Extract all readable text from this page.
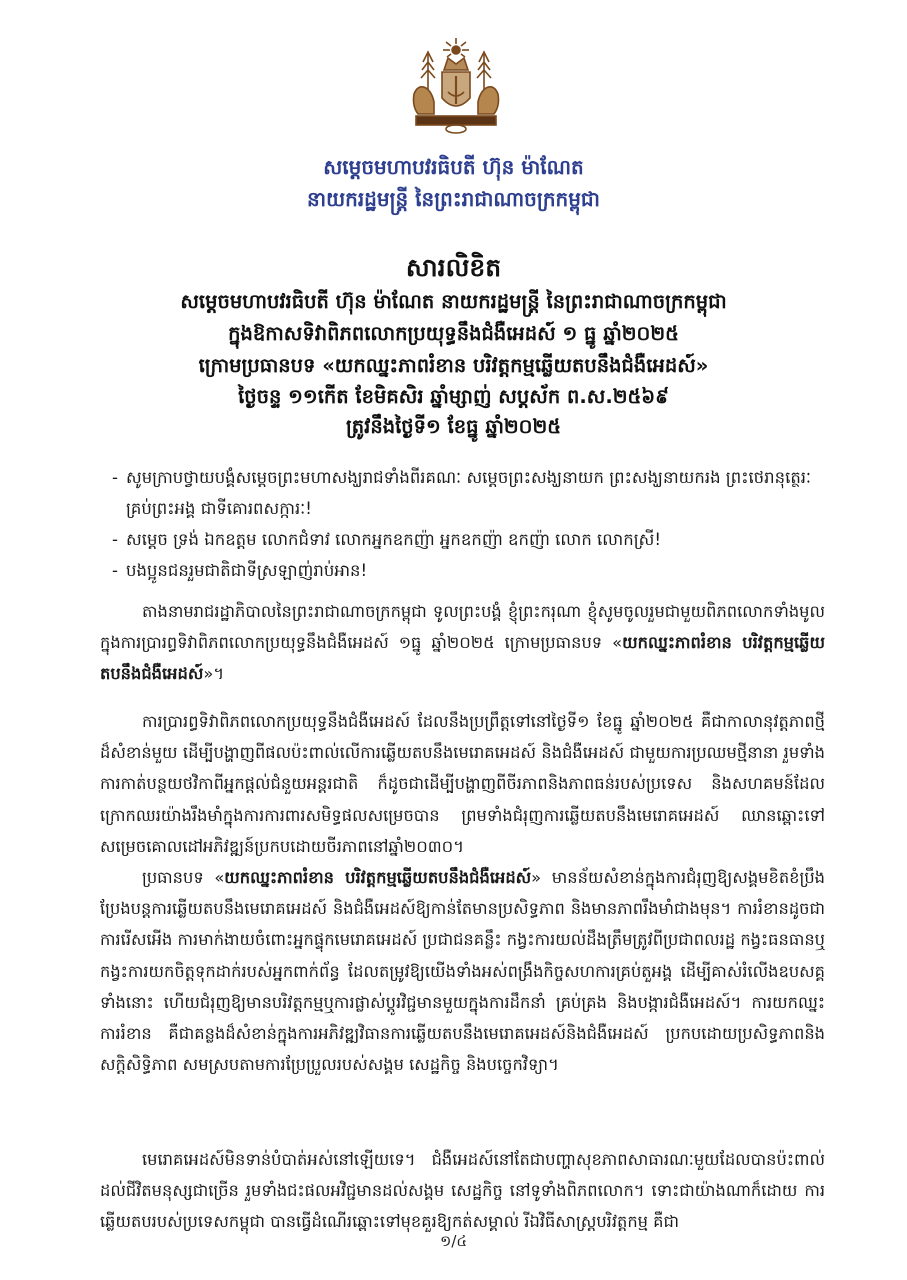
សម្តេចមហាបវរធិបតី ហ៊ុន ម៉ាណែត
នាយករដ្ឋមន្ត្រី នៃព្រះរាជាណាចក្រកម្ពុជា
សារលិខិត
សម្តេចមហាបវរធិបតី ហ៊ុន ម៉ាណែត នាយករដ្ឋមន្ត្រី នៃព្រះរាជាណាចក្រកម្ពុជា
ក្នុងឱកាសទិវាពិភពលោកប្រយុទ្ធនឹងជំងឺអេដស៍ ១ ធ្នូ ឆ្នាំ២០២៥
ក្រោមប្រធានបទ «យកឈ្នះភាពរំខាន បរិវត្តកម្មឆ្លើយតបនឹងជំងឺអេដស៍»
ថ្ងៃចន្ទ ១១កើត ខែមិគសិរ ឆ្នាំម្សាញ់ សប្តស័ក ព.ស.២៥៦៩
ត្រូវនឹងថ្ងៃទី១ ខែធ្នូ ឆ្នាំ២០២៥
- សូមក្រាបថ្វាយបង្គំសម្តេចព្រះមហាសង្ឃរាជទាំងពីរគណៈ សម្តេចព្រះសង្ឃនាយក ព្រះសង្ឃនាយករង ព្រះថេរានុត្ថេរៈគ្រប់ព្រះអង្គ ជាទីគោរពសក្ការៈ!
- សម្តេច ទ្រង់ ឯកឧត្តម លោកជំទាវ លោកអ្នកឧកញ៉ា អ្នកឧកញ៉ា ឧកញ៉ា លោក លោកស្រី!
- បងប្អូនជនរួមជាតិជាទីស្រឡាញ់រាប់អាន!
តាងនាមរាជរដ្ឋាភិបាលនៃព្រះរាជាណាចក្រកម្ពុជា ទូលព្រះបង្គំ ខ្ញុំព្រះករុណា ខ្ញុំសូមចូលរួមជាមួយពិភពលោកទាំងមូល ក្នុងការប្រារព្ធទិវាពិភពលោកប្រយុទ្ធនឹងជំងឺអេដស៍ ១ធ្នូ ឆ្នាំ២០២៥ ក្រោមប្រធានបទ «យកឈ្នះភាពរំខាន បរិវត្តកម្មឆ្លើយតបនឹងជំងឺអេដស៍»។
ការប្រារព្ធទិវាពិភពលោកប្រយុទ្ធនឹងជំងឺអេដស៍ ដែលនឹងប្រព្រឹត្តទៅនៅថ្ងៃទី១ ខែធ្នូ ឆ្នាំ២០២៥ គឺជាកាលានុវត្តភាពថ្មីដ៏សំខាន់មួយ ដើម្បីបង្ហាញពីផលប៉ះពាល់លើការឆ្លើយតបនឹងមេរោគអេដស៍ និងជំងឺអេដស៍ ជាមួយការប្រឈមថ្មីនានា រួមទាំងការកាត់បន្ថយថវិកាពីអ្នកផ្តល់ជំនួយអន្តរជាតិ ក៏ដូចជាដើម្បីបង្ហាញពីចីរភាពនិងភាពធន់របស់ប្រទេស និងសហគមន៍ដែលក្រោកឈរយ៉ាងរឹងមាំក្នុងការការពារសមិទ្ធផលសម្រេចបាន ព្រមទាំងជំរុញការឆ្លើយតបនឹងមេរោគអេដស៍ ឈានឆ្ពោះទៅសម្រេចគោលដៅអភិវឌ្ឍន៍ប្រកបដោយចីរភាពនៅឆ្នាំ២០៣០។
ប្រធានបទ «យកឈ្នះភាពរំខាន បរិវត្តកម្មឆ្លើយតបនឹងជំងឺអេដស៍» មានន័យសំខាន់ក្នុងការជំរុញឱ្យសង្គមខិតខំប្រឹងប្រែងបន្តការឆ្លើយតបនឹងមេរោគអេដស៍ និងជំងឺអេដស៍ឱ្យកាន់តែមានប្រសិទ្ធភាព និងមានភាពរឹងមាំជាងមុន។ ការរំខានដូចជា ការរើសអើង ការមាក់ងាយចំពោះអ្នកផ្ទុកមេរោគអេដស៍ ប្រជាជនគន្លឹះ កង្វះការយល់ដឹងត្រឹមត្រូវពីប្រជាពលរដ្ឋ កង្វះធនធានឬកង្វះការយកចិត្តទុកដាក់របស់អ្នកពាក់ព័ន្ធ ដែលតម្រូវឱ្យយើងទាំងអស់ពង្រឹងកិច្ចសហការគ្រប់តួអង្គ ដើម្បីគាស់រំលើងឧបសគ្គទាំងនោះ ហើយជំរុញឱ្យមានបរិវត្តកម្មឬការផ្លាស់ប្តូរវិជ្ជមានមួយក្នុងការដឹកនាំ គ្រប់គ្រង និងបង្ការជំងឺអេដស៍។ ការយកឈ្នះការរំខាន គឺជាគន្លងដ៏សំខាន់ក្នុងការអភិវឌ្ឍវិធានការឆ្លើយតបនឹងមេរោគអេដស៍និងជំងឺអេដស៍ ប្រកបដោយប្រសិទ្ធភាពនិងសក្តិសិទ្ធិភាព សមស្របតាមការប្រែប្រួលរបស់សង្គម សេដ្ឋកិច្ច និងបច្ចេកវិទ្យា។
មេរោគអេដស៍មិនទាន់បំបាត់អស់នៅឡើយទេ។ ជំងឺអេដស៍នៅតែជាបញ្ហាសុខភាពសាធារណៈមួយដែលបានប៉ះពាល់ដល់ជីវិតមនុស្សជាច្រើន រួមទាំងជះផលអវិជ្ជមានដល់សង្គម សេដ្ឋកិច្ច នៅទូទាំងពិភពលោក។ ទោះជាយ៉ាងណាក៏ដោយ ការឆ្លើយតបរបស់ប្រទេសកម្ពុជា បានធ្វើដំណើរឆ្ពោះទៅមុខគួរឱ្យកត់សម្គាល់ រីឯវិធីសាស្ត្របរិវត្តកម្ម គឺជា
១/៤
